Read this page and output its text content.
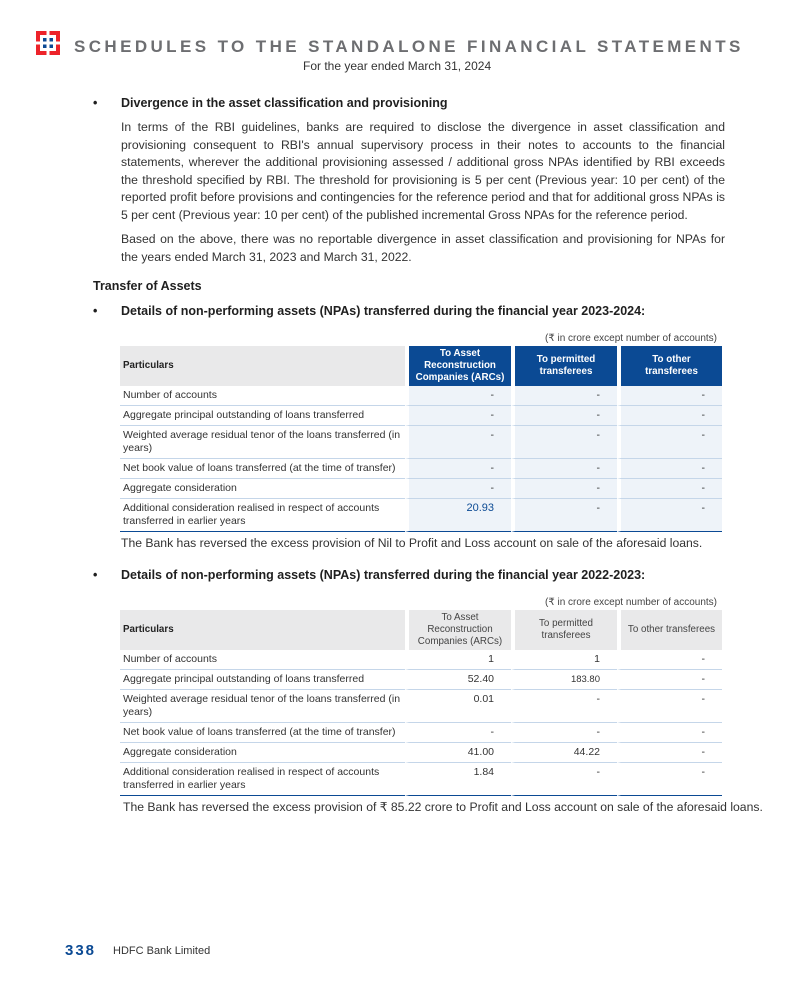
SCHEDULES TO THE STANDALONE FINANCIAL STATEMENTS
For the year ended March 31, 2024
• Divergence in the asset classification and provisioning
In terms of the RBI guidelines, banks are required to disclose the divergence in asset classification and provisioning consequent to RBI's annual supervisory process in their notes to accounts to the financial statements, wherever the additional provisioning assessed / additional gross NPAs identified by RBI exceeds the threshold specified by RBI. The threshold for provisioning is 5 per cent (Previous year: 10 per cent) of the reported profit before provisions and contingencies for the reference period and that for additional gross NPAs is 5 per cent (Previous year: 10 per cent) of the published incremental Gross NPAs for the reference period.
Based on the above, there was no reportable divergence in asset classification and provisioning for NPAs for the years ended March 31, 2023 and March 31, 2022.
Transfer of Assets
• Details of non-performing assets (NPAs) transferred during the financial year 2023-2024:
(₹ in crore except number of accounts)
Particulars	To Asset Reconstruction Companies (ARCs)	To permitted transferees	To other transferees
Number of accounts	-	-	-
Aggregate principal outstanding of loans transferred	-	-	-
Weighted average residual tenor of the loans transferred (in years)	-	-	-
Net book value of loans transferred (at the time of transfer)	-	-	-
Aggregate consideration	-	-	-
Additional consideration realised in respect of accounts transferred in earlier years	20.93	-	-
The Bank has reversed the excess provision of Nil to Profit and Loss account on sale of the aforesaid loans.
• Details of non-performing assets (NPAs) transferred during the financial year 2022-2023:
(₹ in crore except number of accounts)
Particulars	To Asset Reconstruction Companies (ARCs)	To permitted transferees	To other transferees
Number of accounts	1	1	-
Aggregate principal outstanding of loans transferred	52.40	183.80	-
Weighted average residual tenor of the loans transferred (in years)	0.01	-	-
Net book value of loans transferred (at the time of transfer)	-	-	-
Aggregate consideration	41.00	44.22	-
Additional consideration realised in respect of accounts transferred in earlier years	1.84	-	-
The Bank has reversed the excess provision of ₹ 85.22 crore to Profit and Loss account on sale of the aforesaid loans.
338 HDFC Bank Limited
